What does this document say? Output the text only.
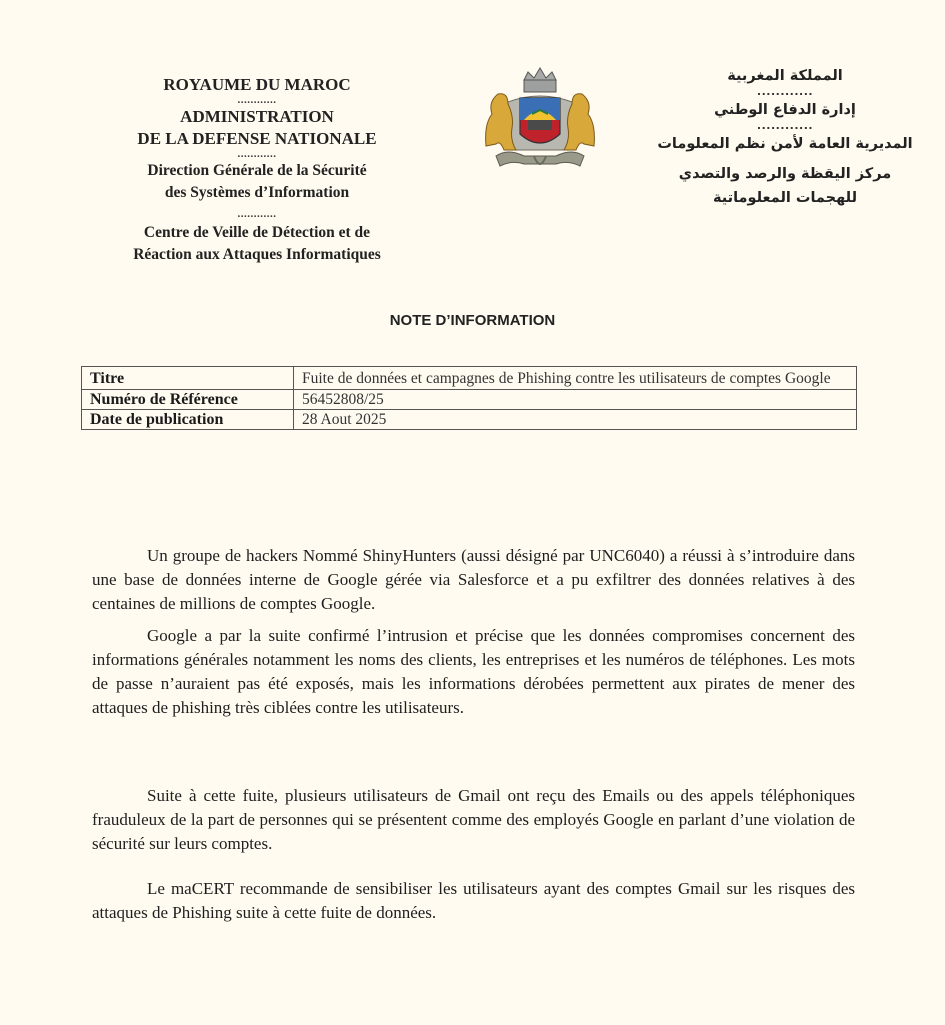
ROYAUME DU MAROC
............
ADMINISTRATION
DE LA DEFENSE NATIONALE
............
Direction Générale de la Sécurité
des Systèmes d’Information
............
Centre de Veille de Détection et de
Réaction aux Attaques Informatiques
المملكة المغربية
............
إدارة الدفاع الوطني
............
المديرية العامة لأمن نظم المعلومات
مركز اليقظة والرصد والتصدي
للهجمات المعلوماتية
NOTE D’INFORMATION
Titre	Fuite de données et campagnes de Phishing contre les utilisateurs de comptes Google
Numéro de Référence	56452808/25
Date de publication	28 Aout 2025

Un groupe de hackers Nommé ShinyHunters (aussi désigné par UNC6040) a réussi à s’introduire dans une base de données interne de Google gérée via Salesforce et a pu exfiltrer des données relatives à des centaines de millions de comptes Google.

Google a par la suite confirmé l’intrusion et précise que les données compromises concernent des informations générales notamment les noms des clients, les entreprises et les numéros de téléphones. Les mots de passe n’auraient pas été exposés, mais les informations dérobées permettent aux pirates de mener des attaques de phishing très ciblées contre les utilisateurs.

Suite à cette fuite, plusieurs utilisateurs de Gmail ont reçu des Emails ou des appels téléphoniques frauduleux de la part de personnes qui se présentent comme des employés Google en parlant d’une violation de sécurité sur leurs comptes.

Le maCERT recommande de sensibiliser les utilisateurs ayant des comptes Gmail sur les risques des attaques de Phishing suite à cette fuite de données.
